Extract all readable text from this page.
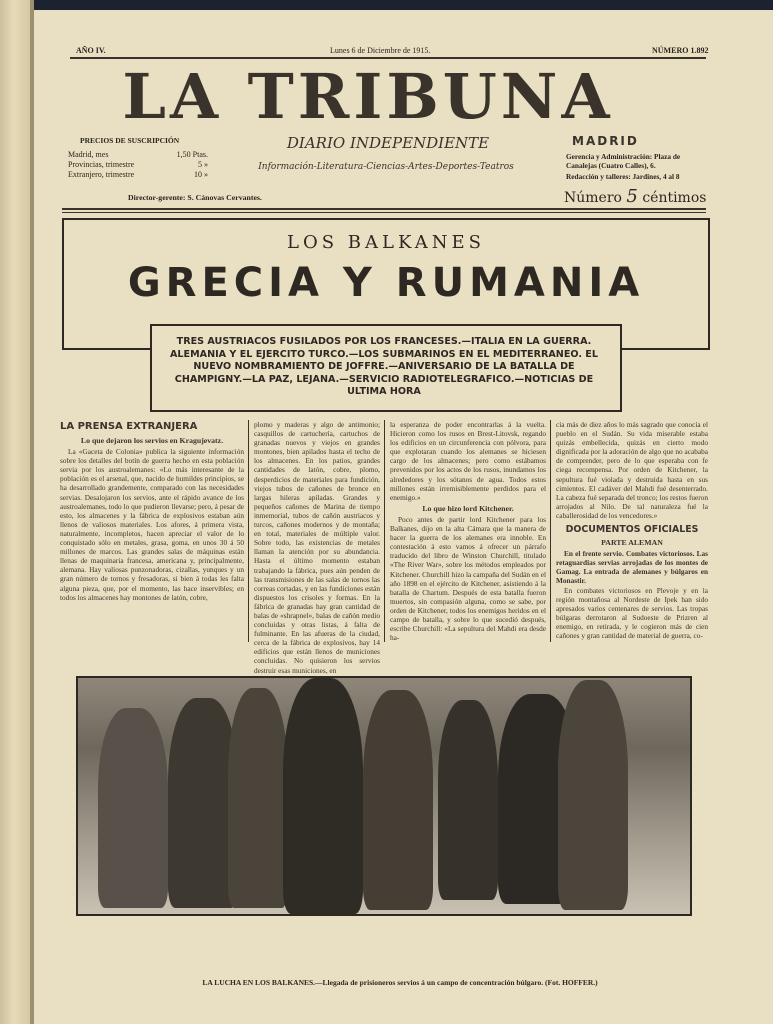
AÑO IV.	Lunes 6 de Diciembre de 1915.	NÚMERO 1.892
LA TRIBUNA
DIARIO INDEPENDIENTE	MADRID
PRECIOS DE SUSCRIPCIÓN
Madrid, mes	1,50 Ptas.
Provincias, trimestre	5 »
Extranjero, trimestre	10 »
Información-Literatura-Ciencias-Artes-Deportes-Teatros
Gerencia y Administración: Plaza de Canalejas (Cuatro Calles), 6.
Redacción y talleres: Jardines, 4 al 8
Director-gerente: S. Cánovas Cervantes.	Número 5 céntimos
LOS BALKANES
GRECIA Y RUMANIA
TRES AUSTRIACOS FUSILADOS POR LOS FRANCESES.—ITALIA EN LA GUERRA. ALEMANIA Y EL EJERCITO TURCO.—LOS SUBMARINOS EN EL MEDITERRANEO. EL NUEVO NOMBRAMIENTO DE JOFFRE.—ANIVERSARIO DE LA BATALLA DE CHAMPIGNY.—LA PAZ, LEJANA.—SERVICIO RADIOTELEGRAFICO.—NOTICIAS DE ULTIMA HORA
LA PRENSA EXTRANJERA

Lo que dejaron los servios en Kragujevatz.

La «Gaceta de Colonia» publica la siguiente información sobre los detalles del botín de guerra hecho en esta población servia por los austroalemanes: «Lo más interesante de la población es el arsenal, que, nacido de humildes principios, se ha desarrollado grandemente, comparado con las necesidades servias. Desalojaron los servios, ante el rápido avance de los austroalemanes, todo lo que pudieron llevarse; pero, á pesar de esto, los almacenes y la fábrica de explosivos estaban aún llenos de valiosos materiales. Los afores, á primera vista, naturalmente, incompletos, hacen apreciar el valor de lo conquistado sólo en metales, grasa, goma, en unos 30 á 50 millones de marcos. Las grandes salas de máquinas están llenas de maquinaria francesa, americana y, principalmente, alemana. Hay valiosas punzonadoras, cizallas, yunques y un gran número de tornos y fresadoras, si bien á todas les falta alguna pieza, que, por el momento, las hace inservibles; en todos los almacenes hay montones de latón, cobre,

plomo y maderas y algo de antimonio; casquillos de cartuchería, cartuchos de granadas nuevos y viejos en grandes montones, bien apilados hasta el techo de los almacenes. En los patios, grandes cantidades de latón, cobre, plomo, desperdicios de materiales para fundición, viejos tubos de cañones de bronce en largas hileras apiladas. Grandes y pequeños cañones de Marina de tiempo inmemorial, tubos de cañón austriacos y turcos, cañones modernos y de montaña; en total, materiales de múltiple valor. Sobre todo, las existencias de metales llaman la atención por su abundancia. Hasta el último momento estaban trabajando la fábrica, pues aún penden de las transmisiones de las salas de tornos las correas cortadas, y en las fundiciones están dispuestos los crisoles y formas. En la fábrica de granadas hay gran cantidad de balas de «shrapnel», balas de cañón medio concluidas y otras listas, á falta de fulminante. En las afueras de la ciudad, cerca de la fábrica de explosivos, hay 14 edificios que están llenos de municiones concluidas. No quisieron los servios destruir esas municiones, en

la esperanza de poder encontrarlas á la vuelta. Hicieron como los rusos en Brest-Litovsk, regando los edificios en un circunferencia con pólvora, para que explotaran cuando los alemanes se hiciesen cargo de los almacenes; pero como estábamos prevenidos por los actos de los rusos, inundamos los alrededores y los sótanos de agua. Todos estos millones están irremisiblemente perdidos para el enemigo.»

Lo que hizo lord Kitchener.

Poco antes de partir lord Kitchener para los Balkanes, dijo en la alta Cámara que la manera de hacer la guerra de los alemanes era innoble. En contestación á esto vamos á ofrecer un párrafo traducido del libro de Winston Churchill, titulado «The River War», sobre los métodos empleados por Kitchener. Churchill hizo la campaña del Sudán en el año 1898 en el ejército de Kitchener, asistiendo á la batalla de Chartum. Después de esta batalla fueron muertos, sin compasión alguna, como se sabe, por orden de Kitchener, todos los enemigos heridos en el campo de batalla, y sobre lo que sucedió después, escribe Churchill: «La sepultura del Mahdi era desde ha-

cía más de diez años lo más sagrado que conocía el pueblo en el Sudán. Su vida miserable estaba quizás embellecida, quizás en cierto modo dignificada por la adoración de algo que no acababa de comprender, pero de lo que esperaba con fe ciega recompensa. Por orden de Kitchener, la sepultura fué violada y destruida hasta en sus cimientos. El cadáver del Mahdi fué desenterrado. La cabeza fué separada del tronco; los restos fueron arrojados al Nilo. De tal naturaleza fué la caballerosidad de los vencedores.»

DOCUMENTOS OFICIALES

PARTE ALEMAN

En el frente servio. Combates victoriosos. Las retaguardias servias arrojadas de los montes de Gamag. La entrada de alemanes y búlgaros en Monastir.

En combates victoriosos en Plevoje y en la región montañosa al Nordeste de Ipek han sido apresados varios centenares de servios. Las tropas búlgaras derrotaron al Sudoeste de Prizren al enemigo, en retirada, y le cogieron más de cien cañones y gran cantidad de material de guerra, co-

LA LUCHA EN LOS BALKANES.—Llegada de prisioneros servios á un campo de concentración búlgaro. (Fot. HOFFER.)
